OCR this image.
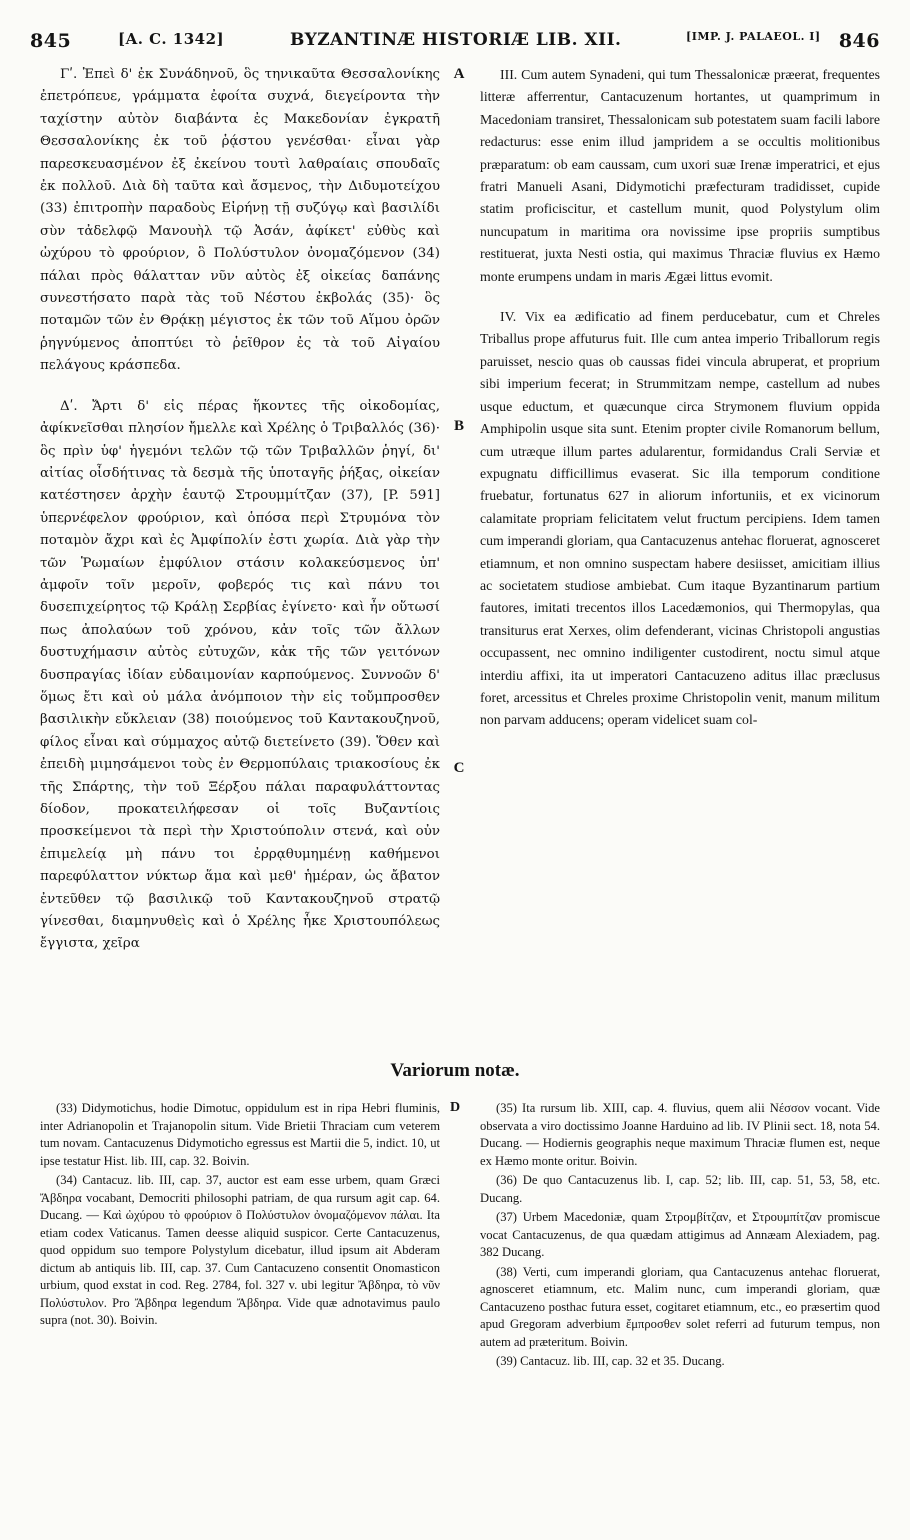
845	[A. C. 1342]	BYZANTINÆ HISTORIÆ LIB. XII.	[IMP. J. PALAEOL. I] 846

Γʹ. Ἐπεὶ δ' ἐκ Συνάδηνοῦ, ὃς τηνικαῦτα Θεσσαλονίκης ἐπετρόπευε, γράμματα ἐφοίτα συχνά, διεγείροντα τὴν ταχίστην αὐτὸν διαβάντα ἐς Μακεδονίαν ἐγκρατῆ Θεσσαλονίκης ἐκ τοῦ ῥᾴστου γενέσθαι· εἶναι γὰρ παρεσκευασμένον ἐξ ἐκείνου τουτὶ λαθραίαις σπουδαῖς ἐκ πολλοῦ. Διὰ δὴ ταῦτα καὶ ἄσμενος, τὴν Διδυμοτείχου (33) ἐπιτροπὴν παραδοὺς Εἰρήνῃ τῇ συζύγῳ καὶ βασιλίδι σὺν τἀδελφῷ Μανουὴλ τῷ Ἀσάν, ἀφίκετ' εὐθὺς καὶ ὠχύρου τὸ φρούριον, ὃ Πολύστυλον ὀνομαζόμενον (34) πάλαι πρὸς θάλατταν νῦν αὐτὸς ἐξ οἰκείας δαπάνης συνεστήσατο παρὰ τὰς τοῦ Νέστου ἐκβολάς (35)· ὃς ποταμῶν τῶν ἐν Θρᾴκῃ μέγιστος ἐκ τῶν τοῦ Αἵμου ὀρῶν ῥηγνύμενος ἀποπτύει τὸ ῥεῖθρον ἐς τὰ τοῦ Αἰγαίου πελάγους κράσπεδα.

Δʹ. Ἄρτι δ' εἰς πέρας ἥκοντες τῆς οἰκοδομίας, ἀφίκνεῖσθαι πλησίον ἤμελλε καὶ Χρέλης ὁ Τριβαλλός (36)· ὃς πρὶν ὑφ' ἡγεμόνι τελῶν τῷ τῶν Τριβαλλῶν ῥηγί, δι' αἰτίας οἶσδήτινας τὰ δεσμὰ τῆς ὑποταγῆς ῥήξας, οἰκείαν κατέστησεν ἀρχὴν ἑαυτῷ Στρουμμίτζαν (37), [P. 591] ὑπερνέφελον φρούριον, καὶ ὁπόσα περὶ Στρυμόνα τὸν ποταμὸν ἄχρι καὶ ἐς Ἀμφίπολίν ἐστι χωρία. Διὰ γὰρ τὴν τῶν Ῥωμαίων ἐμφύλιον στάσιν κολακεύσμενος ὑπ' ἀμφοῖν τοῖν μεροῖν, φοβερός τις καὶ πάνυ τοι δυσεπιχείρητος τῷ Κράλῃ Σερβίας ἐγίνετο· καὶ ἦν οὕτωσί πως ἀπολαύων τοῦ χρόνου, κἀν τοῖς τῶν ἄλλων δυστυχήμασιν αὐτὸς εὐτυχῶν, κἀκ τῆς τῶν γειτόνων δυσπραγίας ἰδίαν εὐδαιμονίαν καρπούμενος. Συννοῶν δ' ὅμως ἔτι καὶ οὐ μάλα ἀνόμποιον τὴν εἰς τοὔμπροσθεν βασιλικὴν εὔκλειαν (38) ποιούμενος τοῦ Καντακουζηνοῦ, φίλος εἶναι καὶ σύμμαχος αὐτῷ διετείνετο (39). Ὅθεν καὶ ἐπειδὴ μιμησάμενοι τοὺς ἐν Θερμοπύλαις τριακοσίους ἐκ τῆς Σπάρτης, τὴν τοῦ Ξέρξου πάλαι παραφυλάττοντας δίοδον, προκατειλήφεσαν οἱ τοῖς Βυζαντίοις προσκείμενοι τὰ περὶ τὴν Χριστούπολιν στενά, καὶ οὐν ἐπιμελείᾳ μὴ πάνυ τοι ἐρρᾳθυμημένῃ καθήμενοι παρεφύλαττον νύκτωρ ἅμα καὶ μεθ' ἡμέραν, ὡς ἄβατον ἐντεῦθεν τῷ βασιλικῷ τοῦ Καντακουζηνοῦ στρατῷ γίνεσθαι, διαμηνυθεὶς καὶ ὁ Χρέλης ἧκε Χριστουπόλεως ἔγγιστα, χεῖρα

A
B
C

III. Cum autem Synadeni, qui tum Thessalonicæ præerat, frequentes litteræ afferrentur, Cantacuzenum hortantes, ut quamprimum in Macedoniam transiret, Thessalonicam sub potestatem suam facili labore redacturus: esse enim illud jampridem a se occultis molitionibus præparatum: ob eam caussam, cum uxori suæ Irenæ imperatrici, et ejus fratri Manueli Asani, Didymotichi præfecturam tradidisset, cupide statim proficiscitur, et castellum munit, quod Polystylum olim nuncupatum in maritima ora novissime ipse propriis sumptibus restituerat, juxta Nesti ostia, qui maximus Thraciæ fluvius ex Hæmo monte erumpens undam in maris Ægæi littus evomit.

IV. Vix ea ædificatio ad finem perducebatur, cum et Chreles Triballus prope affuturus fuit. Ille cum antea imperio Triballorum regis paruisset, nescio quas ob caussas fidei vincula abruperat, et proprium sibi imperium fecerat; in Strummitzam nempe, castellum ad nubes usque eductum, et quæcunque circa Strymonem fluvium oppida Amphipolin usque sita sunt. Etenim propter civile Romanorum bellum, cum utræque illum partes adularentur, formidandus Crali Serviæ et expugnatu difficillimus evaserat. Sic illa temporum conditione fruebatur, fortunatus 627 in aliorum infortuniis, et ex vicinorum calamitate propriam felicitatem velut fructum percipiens. Idem tamen cum imperandi gloriam, qua Cantacuzenus antehac floruerat, agnosceret etiamnum, et non omnino suspectam habere desiisset, amicitiam illius ac societatem studiose ambiebat. Cum itaque Byzantinarum partium fautores, imitati trecentos illos Lacedæmonios, qui Thermopylas, qua transiturus erat Xerxes, olim defenderant, vicinas Christopoli angustias occupassent, nec omnino indiligenter custodirent, noctu simul atque interdiu affixi, ita ut imperatori Cantacuzeno aditus illac præclusus foret, arcessitus et Chreles proxime Christopolin venit, manum militum non parvam adducens; operam videlicet suam col-

Variorum notæ.
D

(33) Didymotichus, hodie Dimotuc, oppidulum est in ripa Hebri fluminis, inter Adrianopolin et Trajanopolin situm. Vide Brietii Thraciam cum veterem tum novam. Cantacuzenus Didymoticho egressus est Martii die 5, indict. 10, ut ipse testatur Hist. lib. III, cap. 32. Boivin.

(34) Cantacuz. lib. III, cap. 37, auctor est eam esse urbem, quam Græci Ἄβδηρα vocabant, Democriti philosophi patriam, de qua rursum agit cap. 64. Ducang. — Καὶ ὠχύρου τὸ φρούριον ὃ Πολύστυλον ὀνομαζόμενον πάλαι. Ita etiam codex Vaticanus. Tamen deesse aliquid suspicor. Certe Cantacuzenus, quod oppidum suo tempore Polystylum dicebatur, illud ipsum ait Abderam dictum ab antiquis lib. III, cap. 37. Cum Cantacuzeno consentit Onomasticon urbium, quod exstat in cod. Reg. 2784, fol. 327 v. ubi legitur Ἄβδηρα, τὸ νῦν Πολύστυλον. Pro Ἄβδηρα legendum Ἄβδηρα. Vide quæ adnotavimus paulo supra (not. 30). Boivin.

(35) Ita rursum lib. XIII, cap. 4. fluvius, quem alii Νέσσον vocant. Vide observata a viro doctissimo Joanne Harduino ad lib. IV Plinii sect. 18, nota 54. Ducang. — Hodiernis geographis neque maximum Thraciæ flumen est, neque ex Hæmo monte oritur. Boivin.

(36) De quo Cantacuzenus lib. I, cap. 52; lib. III, cap. 51, 53, 58, etc. Ducang.

(37) Urbem Macedoniæ, quam Στρομβίτζαν, et Στρουμπίτζαν promiscue vocat Cantacuzenus, de qua quædam attigimus ad Annæam Alexiadem, pag. 382 Ducang.

(38) Verti, cum imperandi gloriam, qua Cantacuzenus antehac floruerat, agnosceret etiamnum, etc. Malim nunc, cum imperandi gloriam, quæ Cantacuzeno posthac futura esset, cogitaret etiamnum, etc., eo præsertim quod apud Gregoram adverbium ἔμπροσθεν solet referri ad futurum tempus, non autem ad præteritum. Boivin.

(39) Cantacuz. lib. III, cap. 32 et 35. Ducang.
